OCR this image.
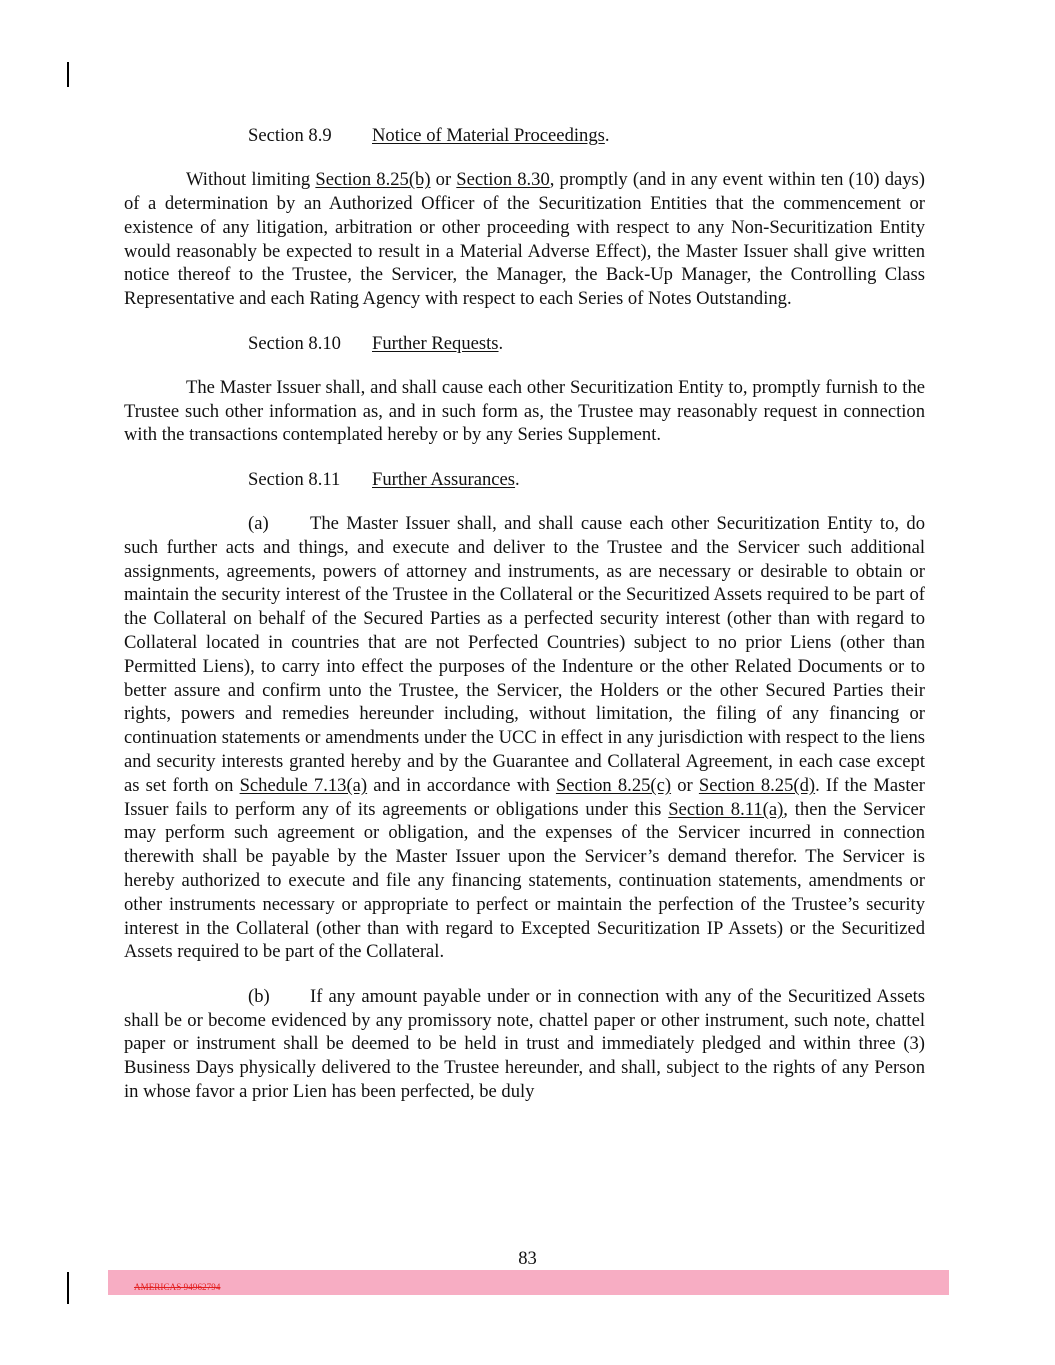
Section 8.9 Notice of Material Proceedings.
Without limiting Section 8.25(b) or Section 8.30, promptly (and in any event within ten (10) days) of a determination by an Authorized Officer of the Securitization Entities that the commencement or existence of any litigation, arbitration or other proceeding with respect to any Non-Securitization Entity would reasonably be expected to result in a Material Adverse Effect), the Master Issuer shall give written notice thereof to the Trustee, the Servicer, the Manager, the Back-Up Manager, the Controlling Class Representative and each Rating Agency with respect to each Series of Notes Outstanding.
Section 8.10 Further Requests.
The Master Issuer shall, and shall cause each other Securitization Entity to, promptly furnish to the Trustee such other information as, and in such form as, the Trustee may reasonably request in connection with the transactions contemplated hereby or by any Series Supplement.
Section 8.11 Further Assurances.
(a) The Master Issuer shall, and shall cause each other Securitization Entity to, do such further acts and things, and execute and deliver to the Trustee and the Servicer such additional assignments, agreements, powers of attorney and instruments, as are necessary or desirable to obtain or maintain the security interest of the Trustee in the Collateral or the Securitized Assets required to be part of the Collateral on behalf of the Secured Parties as a perfected security interest (other than with regard to Collateral located in countries that are not Perfected Countries) subject to no prior Liens (other than Permitted Liens), to carry into effect the purposes of the Indenture or the other Related Documents or to better assure and confirm unto the Trustee, the Servicer, the Holders or the other Secured Parties their rights, powers and remedies hereunder including, without limitation, the filing of any financing or continuation statements or amendments under the UCC in effect in any jurisdiction with respect to the liens and security interests granted hereby and by the Guarantee and Collateral Agreement, in each case except as set forth on Schedule 7.13(a) and in accordance with Section 8.25(c) or Section 8.25(d). If the Master Issuer fails to perform any of its agreements or obligations under this Section 8.11(a), then the Servicer may perform such agreement or obligation, and the expenses of the Servicer incurred in connection therewith shall be payable by the Master Issuer upon the Servicer’s demand therefor. The Servicer is hereby authorized to execute and file any financing statements, continuation statements, amendments or other instruments necessary or appropriate to perfect or maintain the perfection of the Trustee’s security interest in the Collateral (other than with regard to Excepted Securitization IP Assets) or the Securitized Assets required to be part of the Collateral.
(b) If any amount payable under or in connection with any of the Securitized Assets shall be or become evidenced by any promissory note, chattel paper or other instrument, such note, chattel paper or instrument shall be deemed to be held in trust and immediately pledged and within three (3) Business Days physically delivered to the Trustee hereunder, and shall, subject to the rights of any Person in whose favor a prior Lien has been perfected, be duly
83
AMERICAS 94962794
